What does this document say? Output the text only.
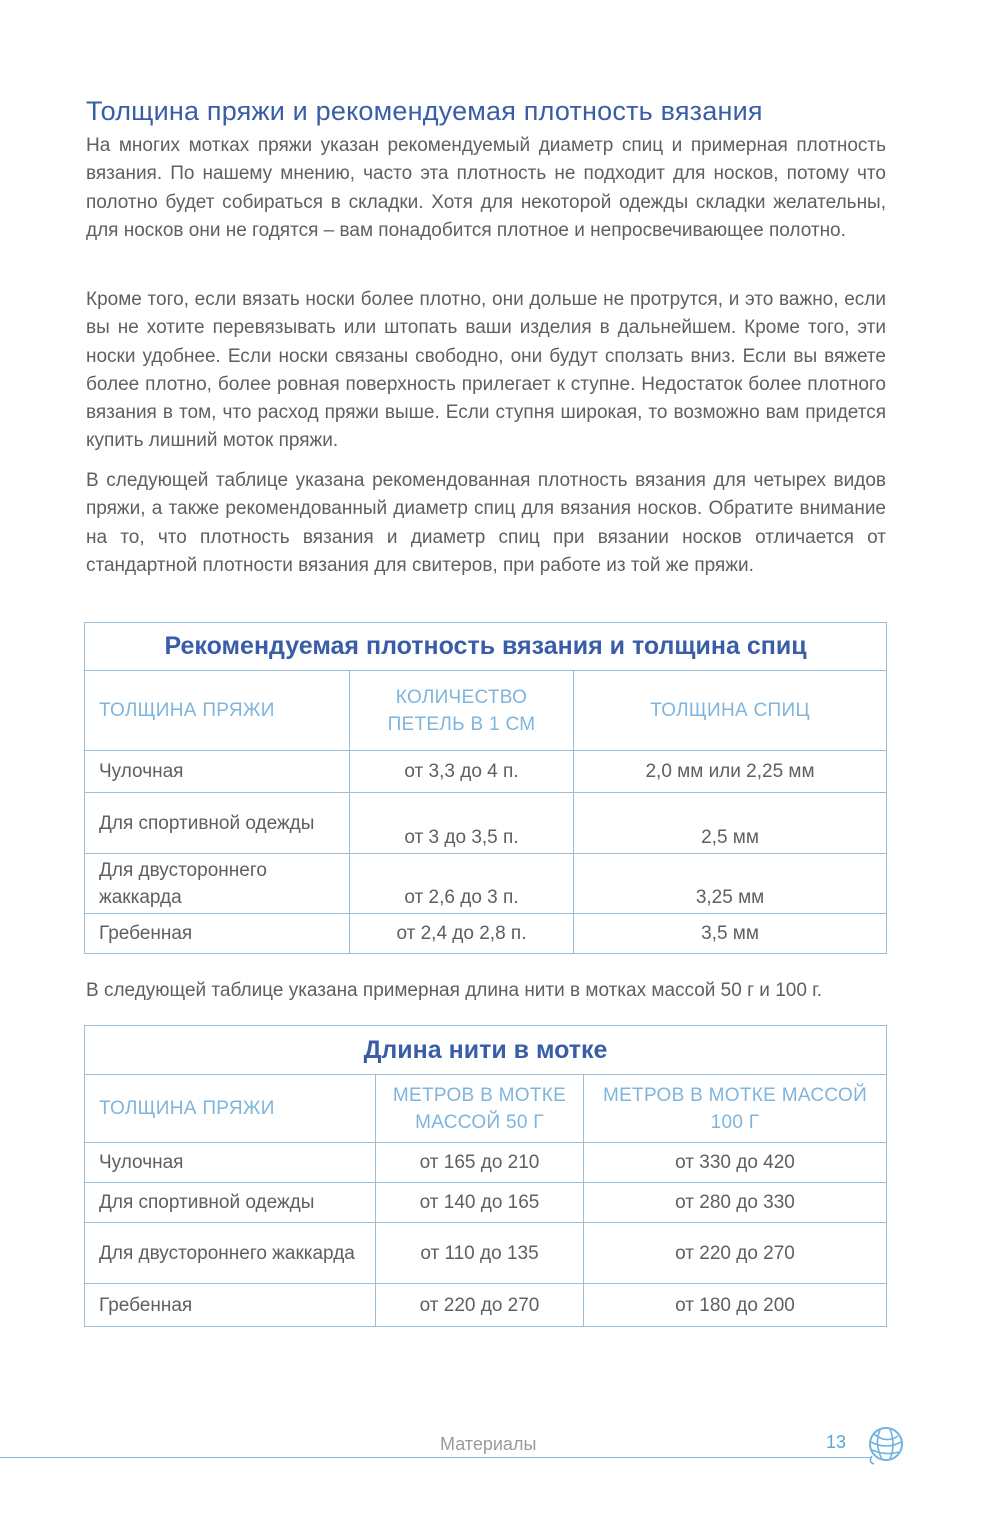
Толщина пряжи и рекомендуемая плотность вязания

На многих мотках пряжи указан рекомендуемый диаметр спиц и примерная плотность вязания. По нашему мнению, часто эта плотность не подходит для носков, потому что полотно будет собираться в складки. Хотя для некоторой одежды складки желательны, для носков они не годятся – вам понадобится плотное и непросвечивающее полотно.

Кроме того, если вязать носки более плотно, они дольше не протрутся, и это важно, если вы не хотите перевязывать или штопать ваши изделия в дальнейшем. Кроме того, эти носки удобнее. Если носки связаны свободно, они будут сползать вниз. Если вы вяжете более плотно, более ровная поверхность прилегает к ступне. Недостаток более плотного вязания в том, что расход пряжи выше. Если ступня широкая, то возможно вам придется купить лишний моток пряжи.

В следующей таблице указана рекомендованная плотность вязания для четырех видов пряжи, а также рекомендованный диаметр спиц для вязания носков. Обратите внимание на то, что плотность вязания и диаметр спиц при вязании носков отличается от стандартной плотности вязания для свитеров, при работе из той же пряжи.

Рекомендуемая плотность вязания и толщина спиц		
ТОЛЩИНА ПРЯЖИ	КОЛИЧЕСТВО ПЕТЕЛЬ В 1 СМ	ТОЛЩИНА СПИЦ
Чулочная	от 3,3 до 4 п.	2,0 мм или 2,25 мм
Для спортивной одежды	от 3 до 3,5 п.	2,5 мм
Для двустороннего жаккарда	от 2,6 до 3 п.	3,25 мм
Гребенная	от 2,4 до 2,8 п.	3,5 мм

В следующей таблице указана примерная длина нити в мотках массой 50 г и 100 г.

Длина нити в мотке		
ТОЛЩИНА ПРЯЖИ	МЕТРОВ В МОТКЕ МАССОЙ 50 Г	МЕТРОВ В МОТКЕ МАССОЙ 100 Г
Чулочная	от 165 до 210	от 330 до 420
Для спортивной одежды	от 140 до 165	от 280 до 330
Для двустороннего жаккарда	от 110 до 135	от 220 до 270
Гребенная	от 220 до 270	от 180 до 200
Материалы	13
